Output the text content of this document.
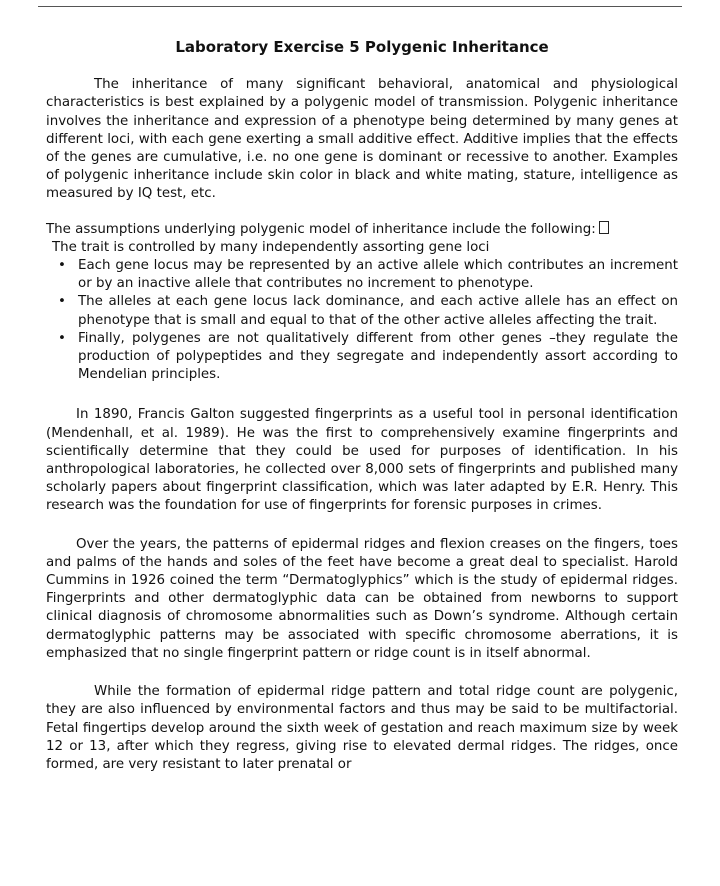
Laboratory Exercise 5 Polygenic Inheritance

The inheritance of many significant behavioral, anatomical and physiological characteristics is best explained by a polygenic model of transmission. Polygenic inheritance involves the inheritance and expression of a phenotype being determined by many genes at different loci, with each gene exerting a small additive effect. Additive implies that the effects of the genes are cumulative, i.e. no one gene is dominant or recessive to another. Examples of polygenic inheritance include skin color in black and white mating, stature, intelligence as measured by IQ test, etc.

The assumptions underlying polygenic model of inheritance include the following:

The trait is controlled by many independently assorting gene loci

• Each gene locus may be represented by an active allele which contributes an increment or by an inactive allele that contributes no increment to phenotype.
• The alleles at each gene locus lack dominance, and each active allele has an effect on phenotype that is small and equal to that of the other active alleles affecting the trait.
• Finally, polygenes are not qualitatively different from other genes –they regulate the production of polypeptides and they segregate and independently assort according to Mendelian principles.

In 1890, Francis Galton suggested fingerprints as a useful tool in personal identification (Mendenhall, et al. 1989). He was the first to comprehensively examine fingerprints and scientifically determine that they could be used for purposes of identification. In his anthropological laboratories, he collected over 8,000 sets of fingerprints and published many scholarly papers about fingerprint classification, which was later adapted by E.R. Henry. This research was the foundation for use of fingerprints for forensic purposes in crimes.

Over the years, the patterns of epidermal ridges and flexion creases on the fingers, toes and palms of the hands and soles of the feet have become a great deal to specialist. Harold Cummins in 1926 coined the term “Dermatoglyphics” which is the study of epidermal ridges. Fingerprints and other dermatoglyphic data can be obtained from newborns to support clinical diagnosis of chromosome abnormalities such as Down’s syndrome. Although certain dermatoglyphic patterns may be associated with specific chromosome aberrations, it is emphasized that no single fingerprint pattern or ridge count is in itself abnormal.

While the formation of epidermal ridge pattern and total ridge count are polygenic, they are also influenced by environmental factors and thus may be said to be multifactorial. Fetal fingertips develop around the sixth week of gestation and reach maximum size by week 12 or 13, after which they regress, giving rise to elevated dermal ridges. The ridges, once formed, are very resistant to later prenatal or
